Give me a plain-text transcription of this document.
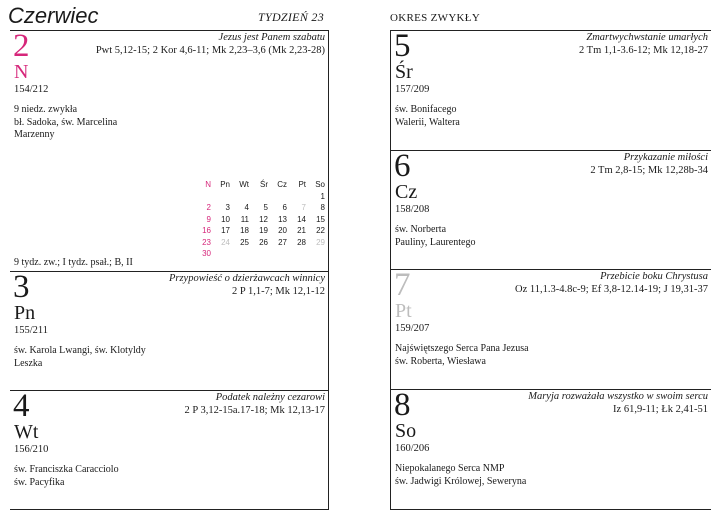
Czerwiec	TYDZIEŃ 23	OKRES ZWYKŁY
2
N
154/212
Jezus jest Panem szabatu
Pwt 5,12-15; 2 Kor 4,6-11; Mk 2,23–3,6 (Mk 2,23-28)
9 niedz. zwykła
bł. Sadoka, św. Marcelina
Marzenny
N	Pn	Wt	Śr	Cz	Pt	So
						1
2	3	4	5	6	7	8
9	10	11	12	13	14	15
16	17	18	19	20	21	22
23	24	25	26	27	28	29
30						
9 tydz. zw.; I tydz. psał.; B, II
3
Pn
155/211
Przypowieść o dzierżawcach winnicy
2 P 1,1-7; Mk 12,1-12
św. Karola Lwangi, św. Klotyldy
Leszka
4
Wt
156/210
Podatek należny cezarowi
2 P 3,12-15a.17-18; Mk 12,13-17
św. Franciszka Caracciolo
św. Pacyfika
5
Śr
157/209
Zmartwychwstanie umarłych
2 Tm 1,1-3.6-12; Mk 12,18-27
św. Bonifacego
Walerii, Waltera
6
Cz
158/208
Przykazanie miłości
2 Tm 2,8-15; Mk 12,28b-34
św. Norberta
Pauliny, Laurentego
7
Pt
159/207
Przebicie boku Chrystusa
Oz 11,1.3-4.8c-9; Ef 3,8-12.14-19; J 19,31-37
Najświętszego Serca Pana Jezusa
św. Roberta, Wiesława
8
So
160/206
Maryja rozważała wszystko w swoim sercu
Iz 61,9-11; Łk 2,41-51
Niepokalanego Serca NMP
św. Jadwigi Królowej, Seweryna
